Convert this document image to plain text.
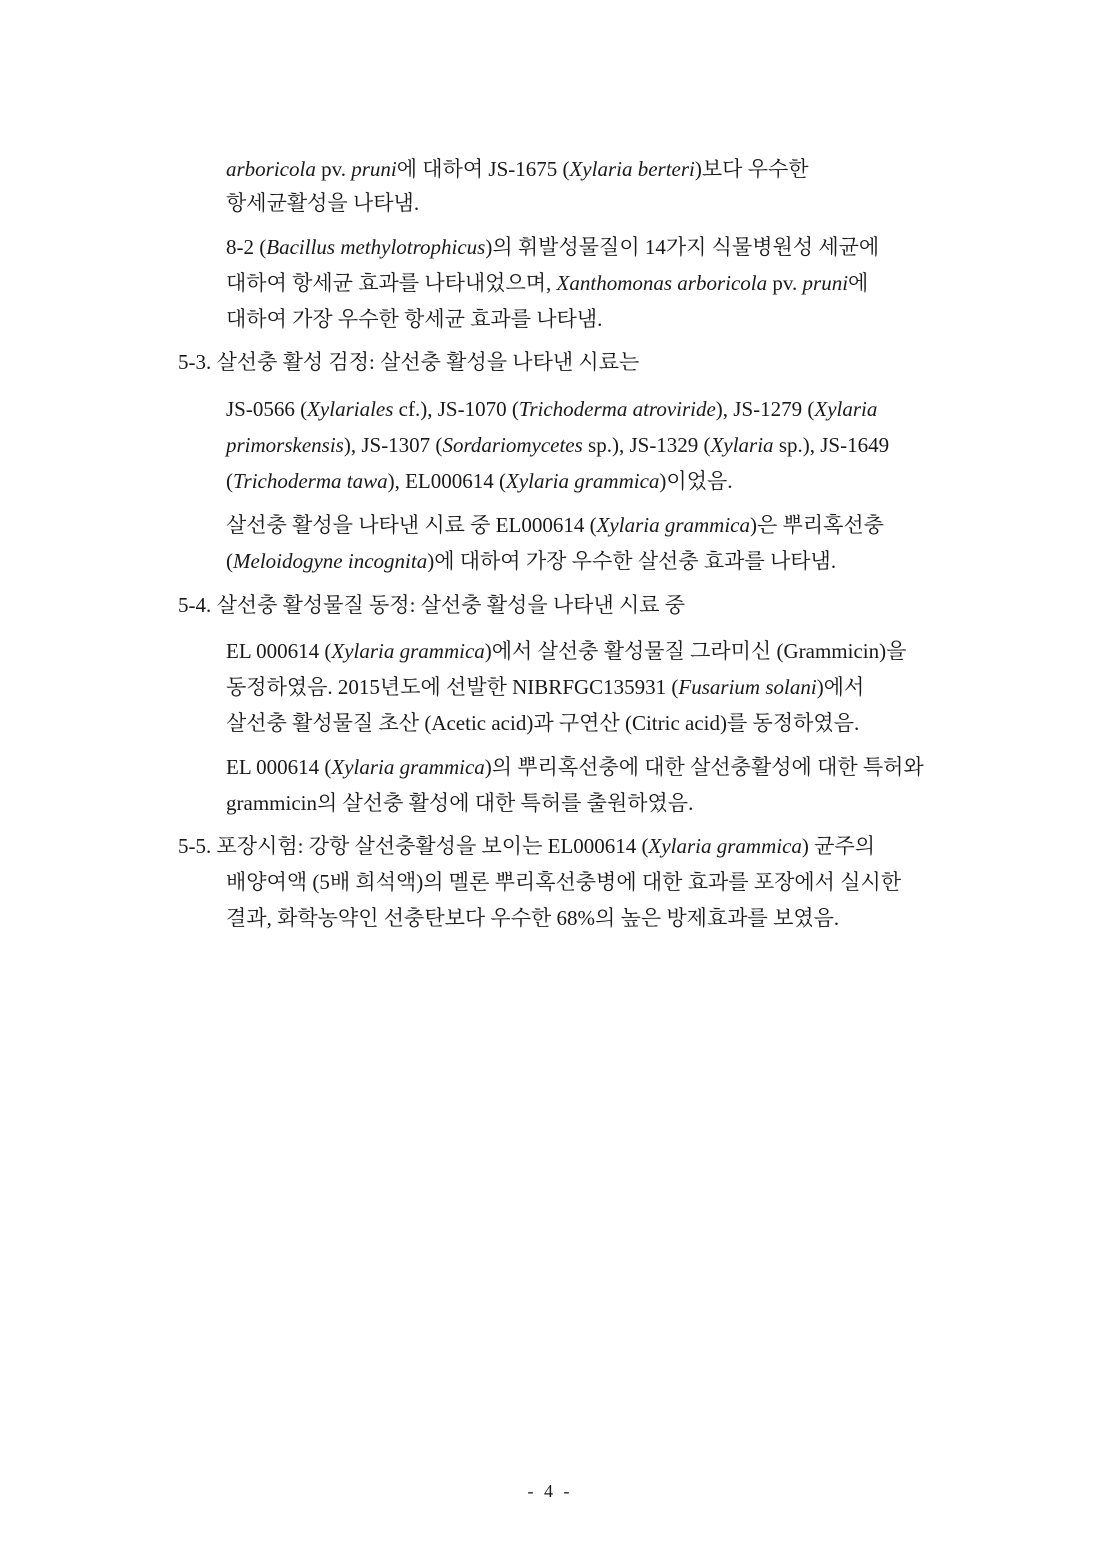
arboricola pv. pruni에 대하여 JS-1675 (Xylaria berteri)보다 우수한
항세균활성을 나타냄.
8-2 (Bacillus methylotrophicus)의 휘발성물질이 14가지 식물병원성 세균에
대하여 항세균 효과를 나타내었으며, Xanthomonas arboricola pv. pruni에
대하여 가장 우수한 항세균 효과를 나타냄.
5-3. 살선충 활성 검정: 살선충 활성을 나타낸 시료는
JS-0566 (Xylariales cf.), JS-1070 (Trichoderma atroviride), JS-1279 (Xylaria
primorskensis), JS-1307 (Sordariomycetes sp.), JS-1329 (Xylaria sp.), JS-1649
(Trichoderma tawa), EL000614 (Xylaria grammica)이었음.
살선충 활성을 나타낸 시료 중 EL000614 (Xylaria grammica)은 뿌리혹선충
(Meloidogyne incognita)에 대하여 가장 우수한 살선충 효과를 나타냄.
5-4. 살선충 활성물질 동정: 살선충 활성을 나타낸 시료 중
EL 000614 (Xylaria grammica)에서 살선충 활성물질 그라미신 (Grammicin)을
동정하였음. 2015년도에 선발한 NIBRFGC135931 (Fusarium solani)에서
살선충 활성물질 초산 (Acetic acid)과 구연산 (Citric acid)를 동정하였음.
EL 000614 (Xylaria grammica)의 뿌리혹선충에 대한 살선충활성에 대한 특허와
grammicin의 살선충 활성에 대한 특허를 출원하였음.
5-5. 포장시험: 강항 살선충활성을 보이는 EL000614 (Xylaria grammica) 균주의
배양여액 (5배 희석액)의 멜론 뿌리혹선충병에 대한 효과를 포장에서 실시한
결과, 화학농약인 선충탄보다 우수한 68%의 높은 방제효과를 보였음.
- 4 -
